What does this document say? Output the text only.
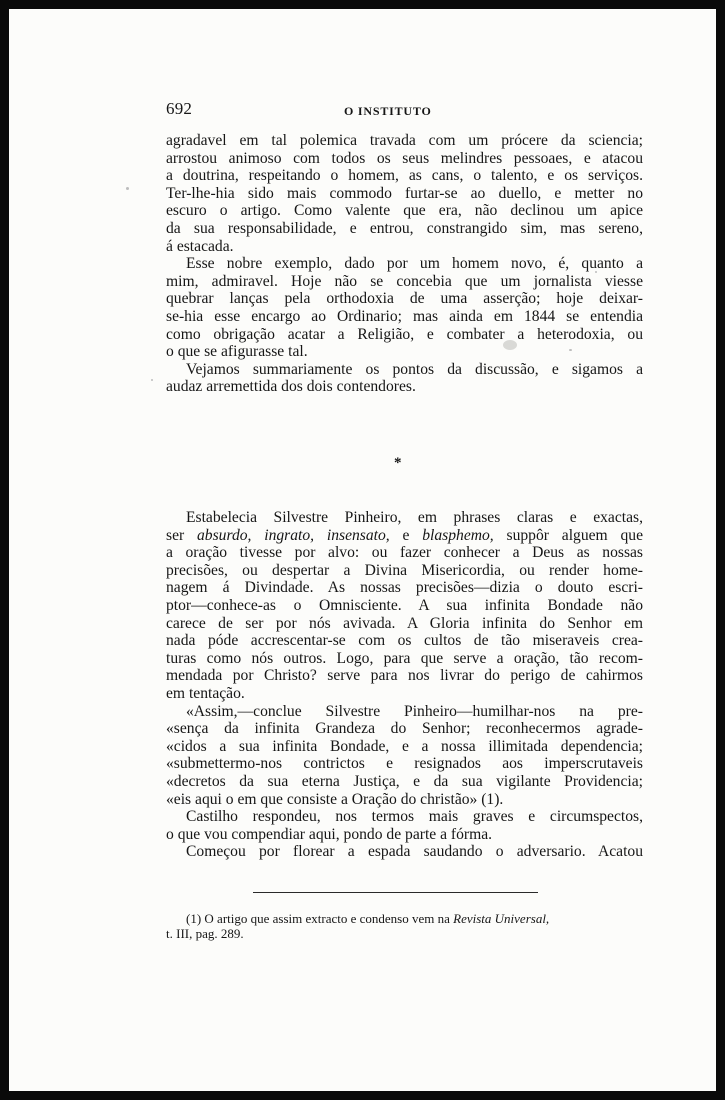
692	O INSTITUTO
agradavel em tal polemica travada com um prócere da sciencia;
arrostou animoso com todos os seus melindres pessoaes, e atacou
a doutrina, respeitando o homem, as cans, o talento, e os serviços.
Ter-lhe-hia sido mais commodo furtar-se ao duello, e metter no
escuro o artigo. Como valente que era, não declinou um apice
da sua responsabilidade, e entrou, constrangido sim, mas sereno,
á estacada.
Esse nobre exemplo, dado por um homem novo, é, quanto a
mim, admiravel. Hoje não se concebia que um jornalista viesse
quebrar lanças pela orthodoxia de uma asserção; hoje deixar-
se-hia esse encargo ao Ordinario; mas ainda em 1844 se entendia
como obrigação acatar a Religião, e combater a heterodoxia, ou
o que se afigurasse tal.
Vejamos summariamente os pontos da discussão, e sigamos a
audaz arremettida dos dois contendores.
*
Estabelecia Silvestre Pinheiro, em phrases claras e exactas,
ser absurdo, ingrato, insensato, e blasphemo, suppôr alguem que
a oração tivesse por alvo: ou fazer conhecer a Deus as nossas
precisões, ou despertar a Divina Misericordia, ou render home-
nagem á Divindade. As nossas precisões—dizia o douto escri-
ptor—conhece-as o Omnisciente. A sua infinita Bondade não
carece de ser por nós avivada. A Gloria infinita do Senhor em
nada póde accrescentar-se com os cultos de tão miseraveis crea-
turas como nós outros. Logo, para que serve a oração, tão recom-
mendada por Christo? serve para nos livrar do perigo de cahirmos
em tentação.
«Assim,—conclue Silvestre Pinheiro—humilhar-nos na pre-
«sença da infinita Grandeza do Senhor; reconhecermos agrade-
«cidos a sua infinita Bondade, e a nossa illimitada dependencia;
«submettermo-nos contrictos e resignados aos imperscrutaveis
«decretos da sua eterna Justiça, e da sua vigilante Providencia;
«eis aqui o em que consiste a Oração do christão» (1).
Castilho respondeu, nos termos mais graves e circumspectos,
o que vou compendiar aqui, pondo de parte a fórma.
Começou por florear a espada saudando o adversario. Acatou
(1) O artigo que assim extracto e condenso vem na Revista Universal,
t. III, pag. 289.
